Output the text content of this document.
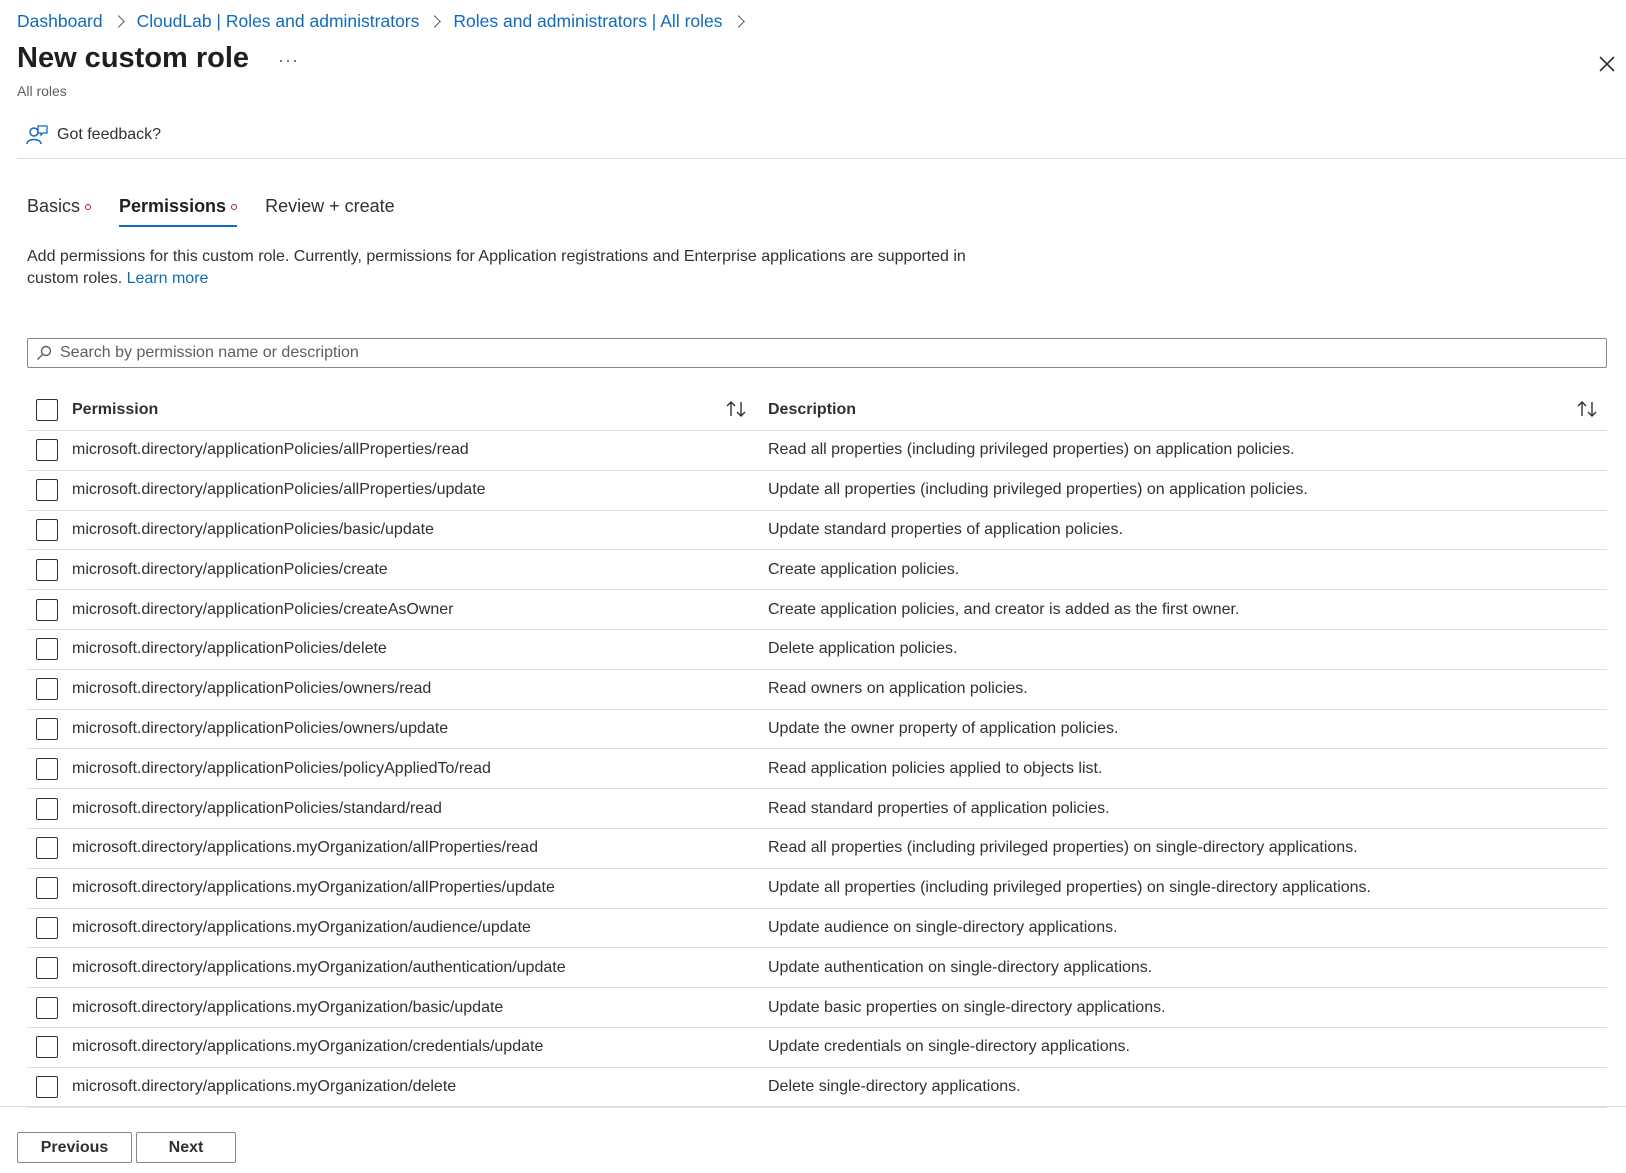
Dashboard CloudLab | Roles and administrators Roles and administrators | All roles
New custom role ···
All roles
Got feedback?
Basics	Permissions	Review + create

Add permissions for this custom role. Currently, permissions for Application registrations and Enterprise applications are supported in custom roles. Learn more

Search by permission name or description
Permission	Description
microsoft.directory/applicationPolicies/allProperties/read	Read all properties (including privileged properties) on application policies.
microsoft.directory/applicationPolicies/allProperties/update	Update all properties (including privileged properties) on application policies.
microsoft.directory/applicationPolicies/basic/update	Update standard properties of application policies.
microsoft.directory/applicationPolicies/create	Create application policies.
microsoft.directory/applicationPolicies/createAsOwner	Create application policies, and creator is added as the first owner.
microsoft.directory/applicationPolicies/delete	Delete application policies.
microsoft.directory/applicationPolicies/owners/read	Read owners on application policies.
microsoft.directory/applicationPolicies/owners/update	Update the owner property of application policies.
microsoft.directory/applicationPolicies/policyAppliedTo/read	Read application policies applied to objects list.
microsoft.directory/applicationPolicies/standard/read	Read standard properties of application policies.
microsoft.directory/applications.myOrganization/allProperties/read	Read all properties (including privileged properties) on single-directory applications.
microsoft.directory/applications.myOrganization/allProperties/update	Update all properties (including privileged properties) on single-directory applications.
microsoft.directory/applications.myOrganization/audience/update	Update audience on single-directory applications.
microsoft.directory/applications.myOrganization/authentication/update	Update authentication on single-directory applications.
microsoft.directory/applications.myOrganization/basic/update	Update basic properties on single-directory applications.
microsoft.directory/applications.myOrganization/credentials/update	Update credentials on single-directory applications.
microsoft.directory/applications.myOrganization/delete	Delete single-directory applications.
Previous	Next
